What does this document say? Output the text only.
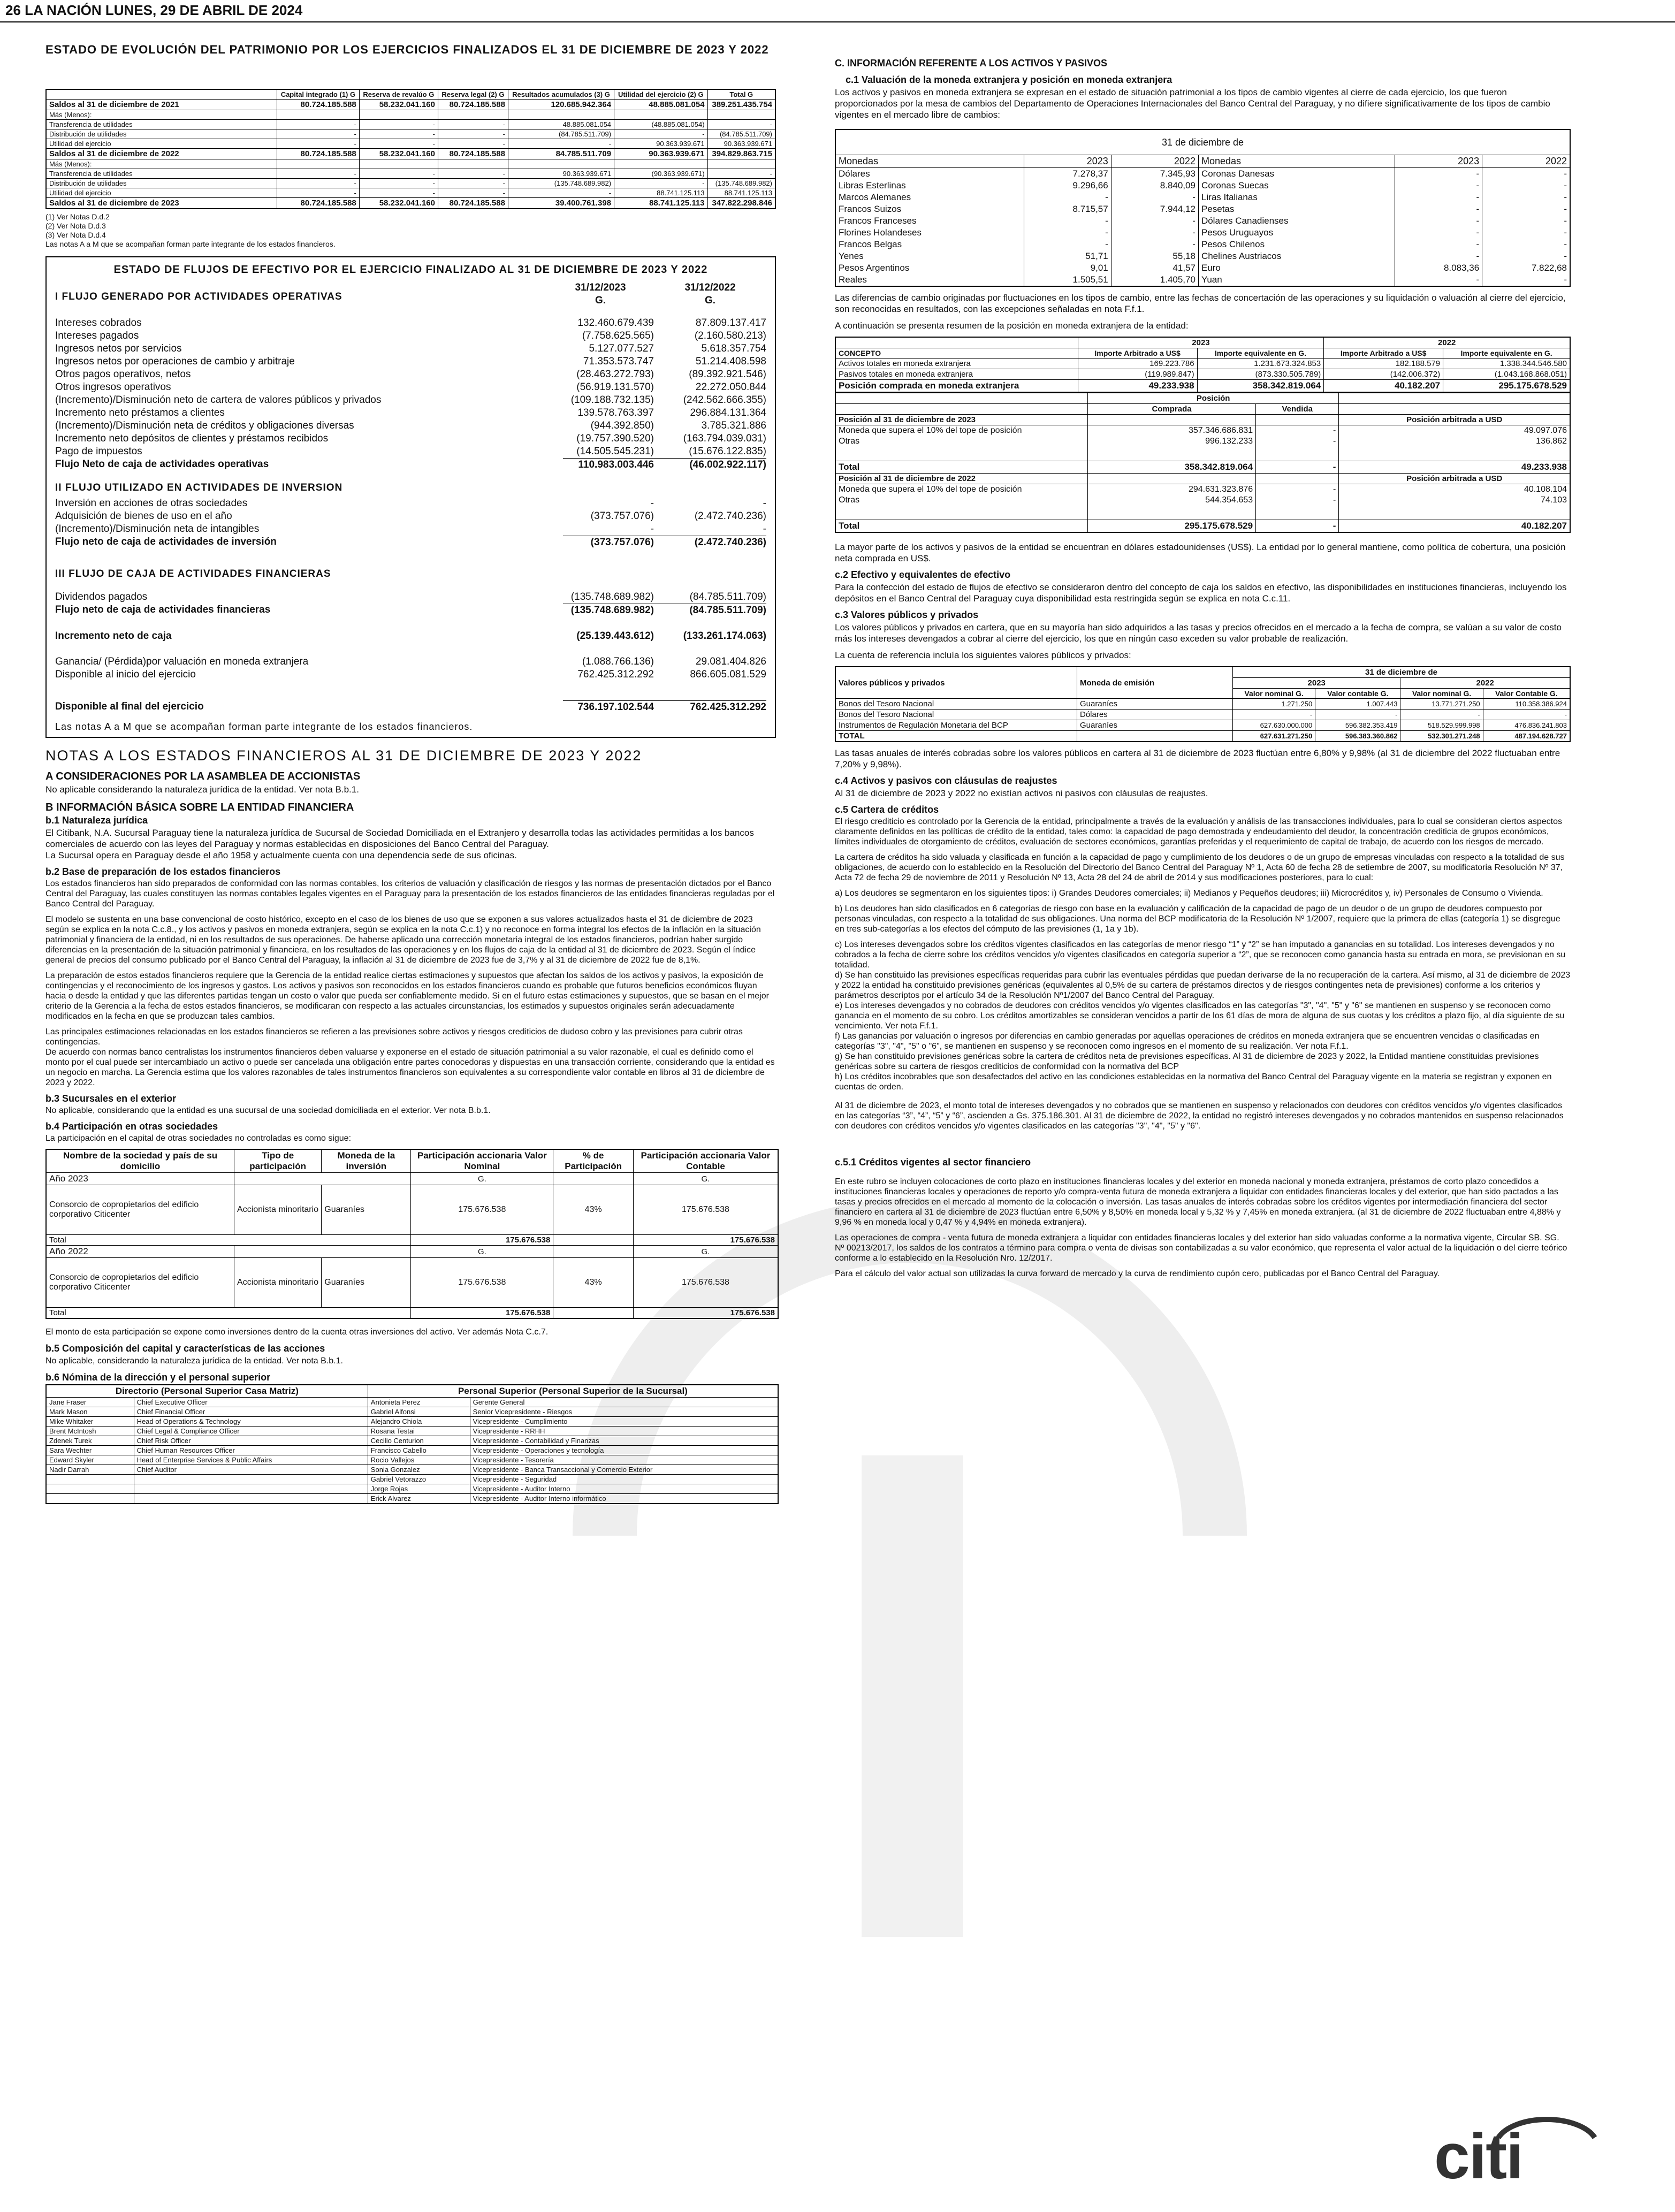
26 LA NACIÓN LUNES, 29 DE ABRIL DE 2024
ESTADO DE EVOLUCIÓN DEL PATRIMONIO POR LOS EJERCICIOS FINALIZADOS EL 31 DE DICIEMBRE DE 2023 Y 2022
	Capital integrado (1) G	Reserva de revalúo G	Reserva legal (2) G	Resultados acumulados (3) G	Utilidad del ejercicio (2) G	Total G
Saldos al 31 de diciembre de 2021	80.724.185.588	58.232.041.160	80.724.185.588	120.685.942.364	48.885.081.054	389.251.435.754
Más (Menos):						
Transferencia de utilidades	-	-	-	48.885.081.054	(48.885.081.054)	-
Distribución de utilidades	-	-	-	(84.785.511.709)	-	(84.785.511.709)
Utilidad del ejercicio	-	-	-	-	90.363.939.671	90.363.939.671
Saldos al 31 de diciembre de 2022	80.724.185.588	58.232.041.160	80.724.185.588	84.785.511.709	90.363.939.671	394.829.863.715
Más (Menos):						
Transferencia de utilidades	-	-	-	90.363.939.671	(90.363.939.671)	-
Distribución de utilidades	-	-	-	(135.748.689.982)	-	(135.748.689.982)
Utilidad del ejercicio	-	-	-	-	88.741.125.113	88.741.125.113
Saldos al 31 de diciembre de 2023	80.724.185.588	58.232.041.160	80.724.185.588	39.400.761.398	88.741.125.113	347.822.298.846
(1) Ver Notas D.d.2
(2) Ver Nota D.d.3
(3) Ver Nota D.d.4
Las notas A a M que se acompañan forman parte integrante de los estados financieros.
ESTADO DE FLUJOS DE EFECTIVO POR EL EJERCICIO FINALIZADO AL 31 DE DICIEMBRE DE 2023 Y 2022
31/12/2023
G.
31/12/2022
G.
I FLUJO GENERADO POR ACTIVIDADES OPERATIVAS
Intereses cobrados	132.460.679.439	87.809.137.417
Intereses pagados	(7.758.625.565)	(2.160.580.213)
Ingresos netos por servicios	5.127.077.527	5.618.357.754
Ingresos netos por operaciones de cambio y arbitraje	71.353.573.747	51.214.408.598
Otros pagos operativos, netos	(28.463.272.793)	(89.392.921.546)
Otros ingresos operativos	(56.919.131.570)	22.272.050.844
(Incremento)/Disminución neto de cartera de valores públicos y privados	(109.188.732.135)	(242.562.666.355)
Incremento neto préstamos a clientes	139.578.763.397	296.884.131.364
(Incremento)/Disminución neta de créditos y obligaciones diversas	(944.392.850)	3.785.321.886
Incremento neto depósitos de clientes y préstamos recibidos	(19.757.390.520)	(163.794.039.031)
Pago de impuestos	(14.505.545.231)	(15.676.122.835)
Flujo Neto de caja de actividades operativas	110.983.003.446	(46.002.922.117)
II FLUJO UTILIZADO EN ACTIVIDADES DE INVERSION
Inversión en acciones de otras sociedades	-	-
Adquisición de bienes de uso en el año	(373.757.076)	(2.472.740.236)
(Incremento)/Disminución neta de intangibles	-	-
Flujo neto de caja de actividades de inversión	(373.757.076)	(2.472.740.236)
III FLUJO DE CAJA DE ACTIVIDADES FINANCIERAS
Dividendos pagados	(135.748.689.982)	(84.785.511.709)
Flujo neto de caja de actividades financieras	(135.748.689.982)	(84.785.511.709)
Incremento neto de caja	(25.139.443.612)	(133.261.174.063)
Ganancia/ (Pérdida)por valuación en moneda extranjera	(1.088.766.136)	29.081.404.826
Disponible al inicio del ejercicio	762.425.312.292	866.605.081.529
Disponible al final del ejercicio	736.197.102.544	762.425.312.292
Las notas A a M que se acompañan forman parte integrante de los estados financieros.
NOTAS A LOS ESTADOS FINANCIEROS AL 31 DE DICIEMBRE DE 2023 Y 2022
A CONSIDERACIONES POR LA ASAMBLEA DE ACCIONISTAS

No aplicable considerando la naturaleza jurídica de la entidad. Ver nota B.b.1.

B INFORMACIÓN BÁSICA SOBRE LA ENTIDAD FINANCIERA
b.1 Naturaleza jurídica

El Citibank, N.A. Sucursal Paraguay tiene la naturaleza jurídica de Sucursal de Sociedad Domiciliada en el Extranjero y desarrolla todas las actividades permitidas a los bancos comerciales de acuerdo con las leyes del Paraguay y normas establecidas en disposiciones del Banco Central del Paraguay.

La Sucursal opera en Paraguay desde el año 1958 y actualmente cuenta con una dependencia sede de sus oficinas.

b.2 Base de preparación de los estados financieros

Los estados financieros han sido preparados de conformidad con las normas contables, los criterios de valuación y clasificación de riesgos y las normas de presentación dictados por el Banco Central del Paraguay, las cuales constituyen las normas contables legales vigentes en el Paraguay para la presentación de los estados financieros de las entidades financieras reguladas por el Banco Central del Paraguay.

El modelo se sustenta en una base convencional de costo histórico, excepto en el caso de los bienes de uso que se exponen a sus valores actualizados hasta el 31 de diciembre de 2023 según se explica en la nota C.c.8., y los activos y pasivos en moneda extranjera, según se explica en la nota C.c.1) y no reconoce en forma integral los efectos de la inflación en la situación patrimonial y financiera de la entidad, ni en los resultados de sus operaciones. De haberse aplicado una corrección monetaria integral de los estados financieros, podrían haber surgido diferencias en la presentación de la situación patrimonial y financiera, en los resultados de las operaciones y en los flujos de caja de la entidad al 31 de diciembre de 2023. Según el índice general de precios del consumo publicado por el Banco Central del Paraguay, la inflación al 31 de diciembre de 2023 fue de 3,7% y al 31 de diciembre de 2022 fue de 8,1%.

La preparación de estos estados financieros requiere que la Gerencia de la entidad realice ciertas estimaciones y supuestos que afectan los saldos de los activos y pasivos, la exposición de contingencias y el reconocimiento de los ingresos y gastos. Los activos y pasivos son reconocidos en los estados financieros cuando es probable que futuros beneficios económicos fluyan hacia o desde la entidad y que las diferentes partidas tengan un costo o valor que pueda ser confiablemente medido. Si en el futuro estas estimaciones y supuestos, que se basan en el mejor criterio de la Gerencia a la fecha de estos estados financieros, se modificaran con respecto a las actuales circunstancias, los estimados y supuestos originales serán adecuadamente modificados en la fecha en que se produzcan tales cambios.

Las principales estimaciones relacionadas en los estados financieros se refieren a las previsiones sobre activos y riesgos crediticios de dudoso cobro y las previsiones para cubrir otras contingencias.

De acuerdo con normas banco centralistas los instrumentos financieros deben valuarse y exponerse en el estado de situación patrimonial a su valor razonable, el cual es definido como el monto por el cual puede ser intercambiado un activo o puede ser cancelada una obligación entre partes conocedoras y dispuestas en una transacción corriente, considerando que la entidad es un negocio en marcha. La Gerencia estima que los valores razonables de tales instrumentos financieros son equivalentes a su correspondiente valor contable en libros al 31 de diciembre de 2023 y 2022.

b.3 Sucursales en el exterior

No aplicable, considerando que la entidad es una sucursal de una sociedad domiciliada en el exterior. Ver nota B.b.1.

b.4 Participación en otras sociedades

La participación en el capital de otras sociedades no controladas es como sigue:

Nombre de la sociedad y país de su domicilio	Tipo de participación	Moneda de la inversión	Participación accionaria Valor Nominal	% de Participación	Participación accionaria Valor Contable
Año 2023			G.		G.
Consorcio de copropietarios del edificio corporativo Citicenter	Accionista minoritario	Guaraníes	175.676.538	43%	175.676.538
Total			175.676.538		175.676.538
Año 2022			G.		G.
Consorcio de copropietarios del edificio corporativo Citicenter	Accionista minoritario	Guaraníes	175.676.538	43%	175.676.538
Total			175.676.538		175.676.538

El monto de esta participación se expone como inversiones dentro de la cuenta otras inversiones del activo. Ver además Nota C.c.7.

b.5 Composición del capital y características de las acciones

No aplicable, considerando la naturaleza jurídica de la entidad. Ver nota B.b.1.

b.6 Nómina de la dirección y el personal superior
Directorio (Personal Superior Casa Matriz)		Personal Superior (Personal Superior de la Sucursal)	
Jane Fraser	Chief Executive Officer	Antonieta Perez	Gerente General
Mark Mason	Chief Financial Officer	Gabriel Alfonsi	Senior Vicepresidente - Riesgos
Mike Whitaker	Head of Operations & Technology	Alejandro Chiola	Vicepresidente - Cumplimiento
Brent McIntosh	Chief Legal & Compliance Officer	Rosana Testai	Vicepresidente - RRHH
Zdenek Turek	Chief Risk Officer	Cecilio Centurion	Vicepresidente - Contabilidad y Finanzas
Sara Wechter	Chief Human Resources Officer	Francisco Cabello	Vicepresidente - Operaciones y tecnología
Edward Skyler	Head of Enterprise Services & Public Affairs	Rocio Vallejos	Vicepresidente - Tesorería
Nadir Darrah	Chief Auditor	Sonia Gonzalez	Vicepresidente - Banca Transaccional y Comercio Exterior
		Gabriel Vetorazzo	Vicepresidente - Seguridad
		Jorge Rojas	Vicepresidente - Auditor Interno
		Erick Alvarez	Vicepresidente - Auditor Interno informático
C. INFORMACIÓN REFERENTE A LOS ACTIVOS Y PASIVOS
c.1 Valuación de la moneda extranjera y posición en moneda extranjera

Los activos y pasivos en moneda extranjera se expresan en el estado de situación patrimonial a los tipos de cambio vigentes al cierre de cada ejercicio, los que fueron proporcionados por la mesa de cambios del Departamento de Operaciones Internacionales del Banco Central del Paraguay, y no difiere significativamente de los tipos de cambio vigentes en el mercado libre de cambios:

31 de diciembre de					
Monedas	2023	2022	Monedas	2023	2022
Dólares	7.278,37	7.345,93	Coronas Danesas	-	-
Libras Esterlinas	9.296,66	8.840,09	Coronas Suecas	-	-
Marcos Alemanes	-	-	Liras Italianas	-	-
Francos Suizos	8.715,57	7.944,12	Pesetas	-	-
Francos Franceses	-	-	Dólares Canadienses	-	-
Florines Holandeses	-	-	Pesos Uruguayos	-	-
Francos Belgas	-	-	Pesos Chilenos	-	-
Yenes	51,71	55,18	Chelines Austriacos	-	-
Pesos Argentinos	9,01	41,57	Euro	8.083,36	7.822,68
Reales	1.505,51	1.405,70	Yuan	-	-

Las diferencias de cambio originadas por fluctuaciones en los tipos de cambio, entre las fechas de concertación de las operaciones y su liquidación o valuación al cierre del ejercicio, son reconocidas en resultados, con las excepciones señaladas en nota F.f.1.

A continuación se presenta resumen de la posición en moneda extranjera de la entidad:

	2023		2022	
CONCEPTO	Importe Arbitrado a US$	Importe equivalente en G.	Importe Arbitrado a US$	Importe equivalente en G.
Activos totales en moneda extranjera	169.223.786	1.231.673.324.853	182.188.579	1.338.344.546.580
Pasivos totales en moneda extranjera	(119.989.847)	(873.330.505.789)	(142.006.372)	(1.043.168.868.051)
Posición comprada en moneda extranjera	49.233.938	358.342.819.064	40.182.207	295.175.678.529
	Posición		
	Comprada	Vendida	
Posición al 31 de diciembre de 2023			Posición arbitrada a USD
Moneda que supera el 10% del tope de posición	357.346.686.831	-	49.097.076
Otras	996.132.233	-	136.862

Total	358.342.819.064	-	49.233.938
Posición al 31 de diciembre de 2022			Posición arbitrada a USD
Moneda que supera el 10% del tope de posición	294.631.323.876	-	40.108.104
Otras	544.354.653	-	74.103

Total	295.175.678.529	-	40.182.207

La mayor parte de los activos y pasivos de la entidad se encuentran en dólares estadounidenses (US$). La entidad por lo general mantiene, como política de cobertura, una posición neta comprada en US$.

c.2 Efectivo y equivalentes de efectivo

Para la confección del estado de flujos de efectivo se consideraron dentro del concepto de caja los saldos en efectivo, las disponibilidades en instituciones financieras, incluyendo los depósitos en el Banco Central del Paraguay cuya disponibilidad esta restringida según se explica en nota C.c.11.

c.3 Valores públicos y privados

Los valores públicos y privados en cartera, que en su mayoría han sido adquiridos a las tasas y precios ofrecidos en el mercado a la fecha de compra, se valúan a su valor de costo más los intereses devengados a cobrar al cierre del ejercicio, los que en ningún caso exceden su valor probable de realización.

La cuenta de referencia incluía los siguientes valores públicos y privados:

Valores públicos y privados	Moneda de emisión	31 de diciembre de			
		2023		2022	
		Valor nominal G.	Valor contable G.	Valor nominal G.	Valor Contable G.
Bonos del Tesoro Nacional	Guaraníes	1.271.250	1.007.443	13.771.271.250	110.358.386.924
Bonos del Tesoro Nacional	Dólares	-	-	-	-
Instrumentos de Regulación Monetaria del BCP	Guaraníes	627.630.000.000	596.382.353.419	518.529.999.998	476.836.241.803
TOTAL		627.631.271.250	596.383.360.862	532.301.271.248	487.194.628.727

Las tasas anuales de interés cobradas sobre los valores públicos en cartera al 31 de diciembre de 2023 fluctúan entre 6,80% y 9,98% (al 31 de diciembre del 2022 fluctuaban entre 7,20% y 9,98%).

c.4 Activos y pasivos con cláusulas de reajustes

Al 31 de diciembre de 2023 y 2022 no existían activos ni pasivos con cláusulas de reajustes.

c.5 Cartera de créditos

El riesgo crediticio es controlado por la Gerencia de la entidad, principalmente a través de la evaluación y análisis de las transacciones individuales, para lo cual se consideran ciertos aspectos claramente definidos en las políticas de crédito de la entidad, tales como: la capacidad de pago demostrada y endeudamiento del deudor, la concentración crediticia de grupos económicos, límites individuales de otorgamiento de créditos, evaluación de sectores económicos, garantías preferidas y el requerimiento de capital de trabajo, de acuerdo con los riesgos de mercado.

La cartera de créditos ha sido valuada y clasificada en función a la capacidad de pago y cumplimiento de los deudores o de un grupo de empresas vinculadas con respecto a la totalidad de sus obligaciones, de acuerdo con lo establecido en la Resolución del Directorio del Banco Central del Paraguay Nº 1, Acta 60 de fecha 28 de setiembre de 2007, su modificatoria Resolución Nº 37, Acta 72 de fecha 29 de noviembre de 2011 y Resolución Nº 13, Acta 28 del 24 de abril de 2014 y sus modificaciones posteriores, para lo cual:

a) Los deudores se segmentaron en los siguientes tipos: i) Grandes Deudores comerciales; ii) Medianos y Pequeños deudores; iii) Microcréditos y, iv) Personales de Consumo o Vivienda.

b) Los deudores han sido clasificados en 6 categorías de riesgo con base en la evaluación y calificación de la capacidad de pago de un deudor o de un grupo de deudores compuesto por personas vinculadas, con respecto a la totalidad de sus obligaciones. Una norma del BCP modificatoria de la Resolución Nº 1/2007, requiere que la primera de ellas (categoría 1) se disgregue en tres sub-categorías a los efectos del cómputo de las previsiones (1, 1a y 1b).

c) Los intereses devengados sobre los créditos vigentes clasificados en las categorías de menor riesgo “1” y “2” se han imputado a ganancias en su totalidad. Los intereses devengados y no cobrados a la fecha de cierre sobre los créditos vencidos y/o vigentes clasificados en categoría superior a “2”, que se reconocen como ganancia hasta su entrada en mora, se previsionan en su totalidad.

d) Se han constituido las previsiones específicas requeridas para cubrir las eventuales pérdidas que puedan derivarse de la no recuperación de la cartera. Así mismo, al 31 de diciembre de 2023 y 2022 la entidad ha constituido previsiones genéricas (equivalentes al 0,5% de su cartera de préstamos directos y de riesgos contingentes neta de previsiones) conforme a los criterios y parámetros descriptos por el artículo 34 de la Resolución Nº1/2007 del Banco Central del Paraguay.

e) Los intereses devengados y no cobrados de deudores con créditos vencidos y/o vigentes clasificados en las categorías "3", "4", "5" y "6" se mantienen en suspenso y se reconocen como ganancia en el momento de su cobro. Los créditos amortizables se consideran vencidos a partir de los 61 días de mora de alguna de sus cuotas y los créditos a plazo fijo, al día siguiente de su vencimiento. Ver nota F.f.1.

f) Las ganancias por valuación o ingresos por diferencias en cambio generadas por aquellas operaciones de créditos en moneda extranjera que se encuentren vencidas o clasificadas en categorías "3", "4", "5" o "6", se mantienen en suspenso y se reconocen como ingresos en el momento de su realización. Ver nota F.f.1.

g) Se han constituido previsiones genéricas sobre la cartera de créditos neta de previsiones específicas. Al 31 de diciembre de 2023 y 2022, la Entidad mantiene constituidas previsiones genéricas sobre su cartera de riesgos crediticios de conformidad con la normativa del BCP

h) Los créditos incobrables que son desafectados del activo en las condiciones establecidas en la normativa del Banco Central del Paraguay vigente en la materia se registran y exponen en cuentas de orden.

Al 31 de diciembre de 2023, el monto total de intereses devengados y no cobrados que se mantienen en suspenso y relacionados con deudores con créditos vencidos y/o vigentes clasificados en las categorías “3”, “4”, “5” y “6”, ascienden a Gs. 375.186.301. Al 31 de diciembre de 2022, la entidad no registró intereses devengados y no cobrados mantenidos en suspenso relacionados con deudores con créditos vencidos y/o vigentes clasificados en las categorías "3", "4", "5" y "6".

c.5.1 Créditos vigentes al sector financiero

En este rubro se incluyen colocaciones de corto plazo en instituciones financieras locales y del exterior en moneda nacional y moneda extranjera, préstamos de corto plazo concedidos a instituciones financieras locales y operaciones de reporto y/o compra-venta futura de moneda extranjera a liquidar con entidades financieras locales y del exterior, que han sido pactados a las tasas y precios ofrecidos en el mercado al momento de la colocación o inversión. Las tasas anuales de interés cobradas sobre los créditos vigentes por intermediación financiera del sector financiero en cartera al 31 de diciembre de 2023 fluctúan entre 6,50% y 8,50% en moneda local y 5,32 % y 7,45% en moneda extranjera. (al 31 de diciembre de 2022 fluctuaban entre 4,88% y 9,96 % en moneda local y 0,47 % y 4,94% en moneda extranjera).

Las operaciones de compra - venta futura de moneda extranjera a liquidar con entidades financieras locales y del exterior han sido valuadas conforme a la normativa vigente, Circular SB. SG. Nº 00213/2017, los saldos de los contratos a término para compra o venta de divisas son contabilizadas a su valor económico, que representa el valor actual de la liquidación o del cierre teórico conforme a lo establecido en la Resolución Nro. 12/2017.

Para el cálculo del valor actual son utilizadas la curva forward de mercado y la curva de rendimiento cupón cero, publicadas por el Banco Central del Paraguay.

citi
